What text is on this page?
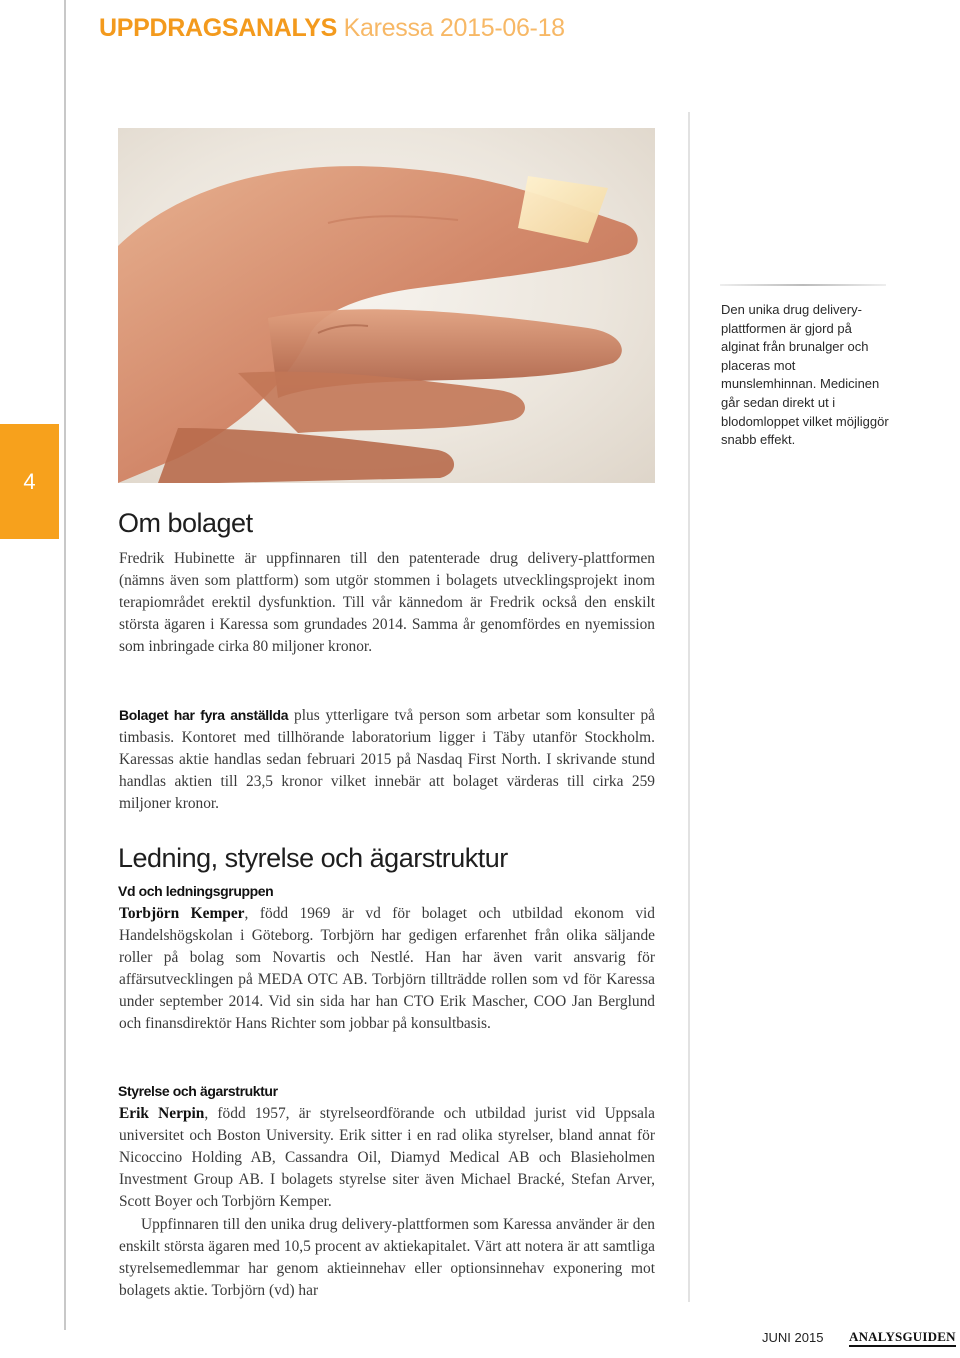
UPPDRAGSANALYS Karessa 2015-06-18
4

Den unika drug delivery-plattformen är gjord på alginat från brunalger och placeras mot munslemhinnan. Medicinen går sedan direkt ut i blodomloppet vilket möjliggör snabb effekt.

Om bolaget

Fredrik Hubinette är uppfinnaren till den patenterade drug delivery-plattformen (nämns även som plattform) som utgör stommen i bolagets utvecklingsprojekt inom terapiområdet erektil dysfunktion. Till vår kännedom är Fredrik också den enskilt största ägaren i Karessa som grundades 2014. Samma år genomfördes en nyemission som inbringade cirka 80 miljoner kronor.

Bolaget har fyra anställda plus ytterligare två person som arbetar som konsulter på timbasis. Kontoret med tillhörande laboratorium ligger i Täby utanför Stockholm. Karessas aktie handlas sedan februari 2015 på Nasdaq First North. I skrivande stund handlas aktien till 23,5 kronor vilket innebär att bolaget värderas till cirka 259 miljoner kronor.

Ledning, styrelse och ägarstruktur
Vd och ledningsgruppen

Torbjörn Kemper, född 1969 är vd för bolaget och utbildad ekonom vid Handelshögskolan i Göteborg. Torbjörn har gedigen erfarenhet från olika säljande roller på bolag som Novartis och Nestlé. Han har även varit ansvarig för affärsutvecklingen på MEDA OTC AB. Torbjörn tillträdde rollen som vd för Karessa under september 2014. Vid sin sida har han CTO Erik Mascher, COO Jan Berglund och finansdirektör Hans Richter som jobbar på konsultbasis.

Styrelse och ägarstruktur

Erik Nerpin, född 1957, är styrelseordförande och utbildad jurist vid Uppsala universitet och Boston University. Erik sitter i en rad olika styrelser, bland annat för Nicoccino Holding AB, Cassandra Oil, Diamyd Medical AB och Blasieholmen Investment Group AB. I bolagets styrelse siter även Michael Bracké, Stefan Arver, Scott Boyer och Torbjörn Kemper.

Uppfinnaren till den unika drug delivery-plattformen som Karessa använder är den enskilt största ägaren med 10,5 procent av aktiekapitalet. Värt att notera är att samtliga styrelsemedlemmar har genom aktieinnehav eller optionsinnehav exponering mot bolagets aktie. Torbjörn (vd) har

JUNI 2015 ANALYSGUIDEN
